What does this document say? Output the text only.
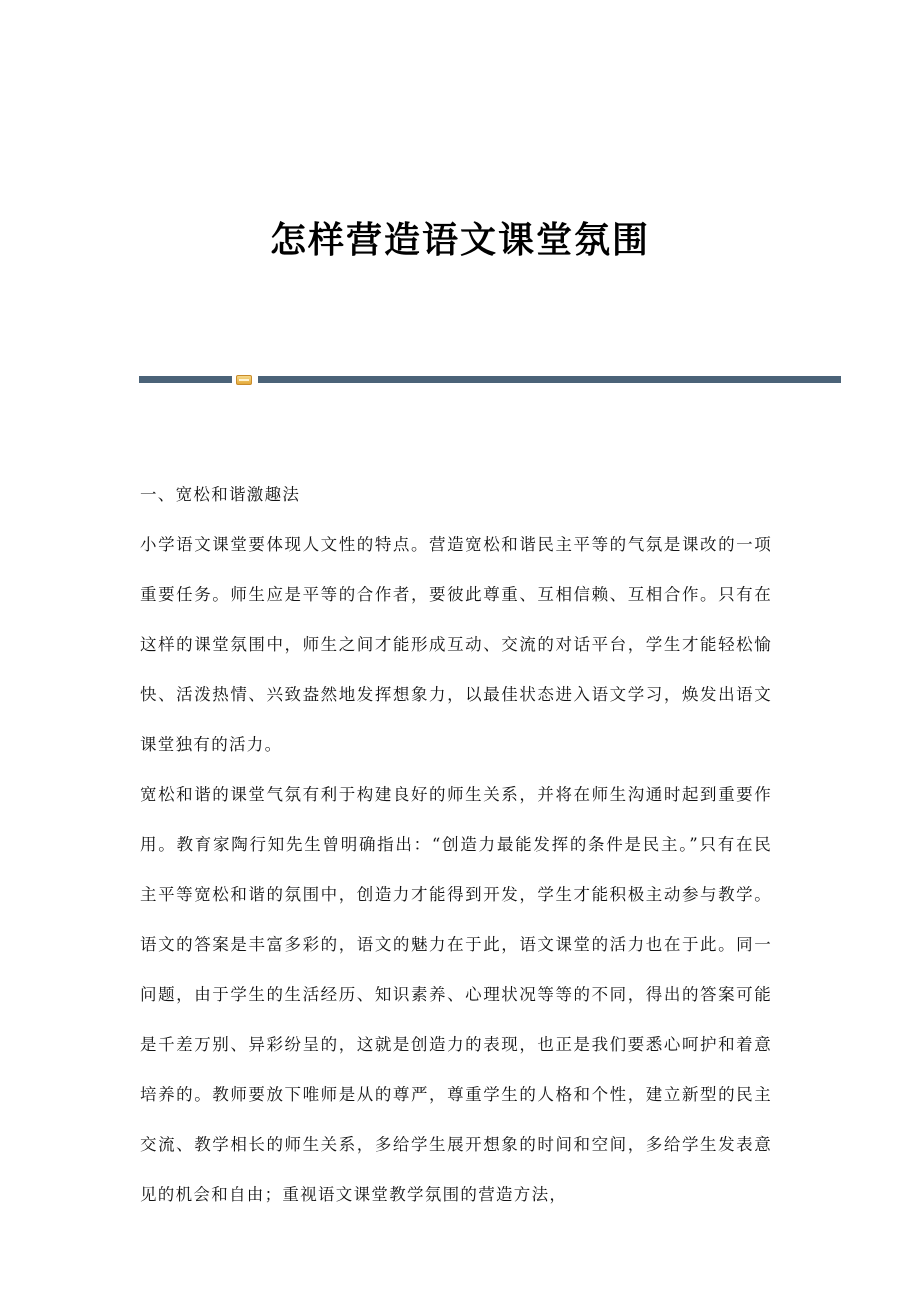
怎样营造语文课堂氛围

一、宽松和谐激趣法

小学语文课堂要体现人文性的特点。营造宽松和谐民主平等的气氛是课改的一项重要任务。师生应是平等的合作者，要彼此尊重、互相信赖、互相合作。只有在这样的课堂氛围中，师生之间才能形成互动、交流的对话平台，学生才能轻松愉快、活泼热情、兴致盎然地发挥想象力，以最佳状态进入语文学习，焕发出语文课堂独有的活力。

宽松和谐的课堂气氛有利于构建良好的师生关系，并将在师生沟通时起到重要作用。教育家陶行知先生曾明确指出：“创造力最能发挥的条件是民主。”只有在民主平等宽松和谐的氛围中，创造力才能得到开发，学生才能积极主动参与教学。语文的答案是丰富多彩的，语文的魅力在于此，语文课堂的活力也在于此。同一问题，由于学生的生活经历、知识素养、心理状况等等的不同，得出的答案可能是千差万别、异彩纷呈的，这就是创造力的表现，也正是我们要悉心呵护和着意培养的。教师要放下唯师是从的尊严，尊重学生的人格和个性，建立新型的民主交流、教学相长的师生关系，多给学生展开想象的时间和空间，多给学生发表意见的机会和自由；重视语文课堂教学氛围的营造方法，
